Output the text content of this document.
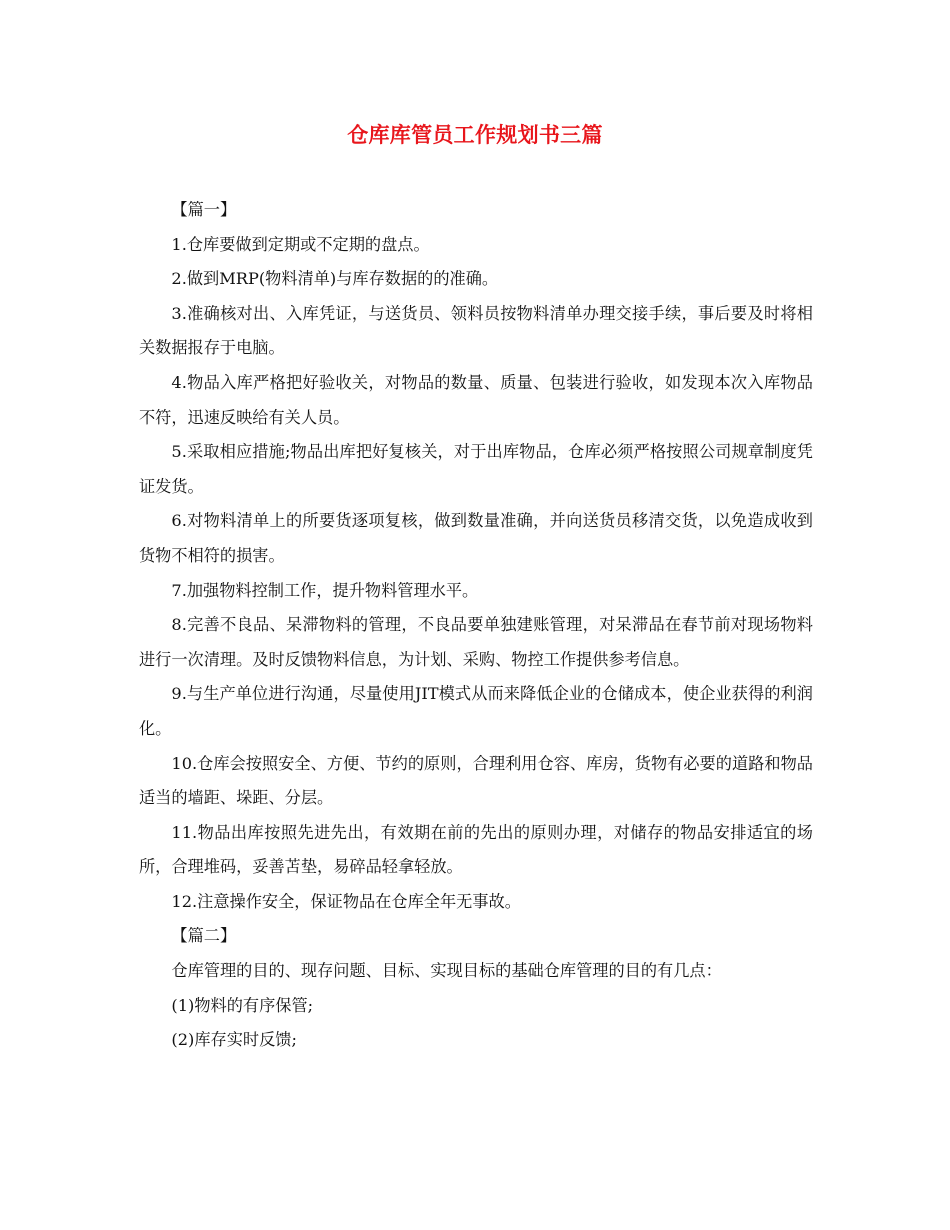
仓库库管员工作规划书三篇

【篇一】

1.仓库要做到定期或不定期的盘点。

2.做到MRP(物料清单)与库存数据的的准确。

3.准确核对出、入库凭证，与送货员、领料员按物料清单办理交接手续，事后要及时将相关数据报存于电脑。

4.物品入库严格把好验收关，对物品的数量、质量、包装进行验收，如发现本次入库物品不符，迅速反映给有关人员。

5.采取相应措施;物品出库把好复核关，对于出库物品，仓库必须严格按照公司规章制度凭证发货。

6.对物料清单上的所要货逐项复核，做到数量准确，并向送货员移清交货，以免造成收到货物不相符的损害。

7.加强物料控制工作，提升物料管理水平。

8.完善不良品、呆滞物料的管理，不良品要单独建账管理，对呆滞品在春节前对现场物料进行一次清理。及时反馈物料信息，为计划、采购、物控工作提供参考信息。

9.与生产单位进行沟通，尽量使用JIT模式从而来降低企业的仓储成本，使企业获得的利润化。

10.仓库会按照安全、方便、节约的原则，合理利用仓容、库房，货物有必要的道路和物品适当的墙距、垛距、分层。

11.物品出库按照先进先出，有效期在前的先出的原则办理，对储存的物品安排适宜的场所，合理堆码，妥善苫垫，易碎品轻拿轻放。

12.注意操作安全，保证物品在仓库全年无事故。

【篇二】

仓库管理的目的、现存问题、目标、实现目标的基础仓库管理的目的有几点：

(1)物料的有序保管;

(2)库存实时反馈;
